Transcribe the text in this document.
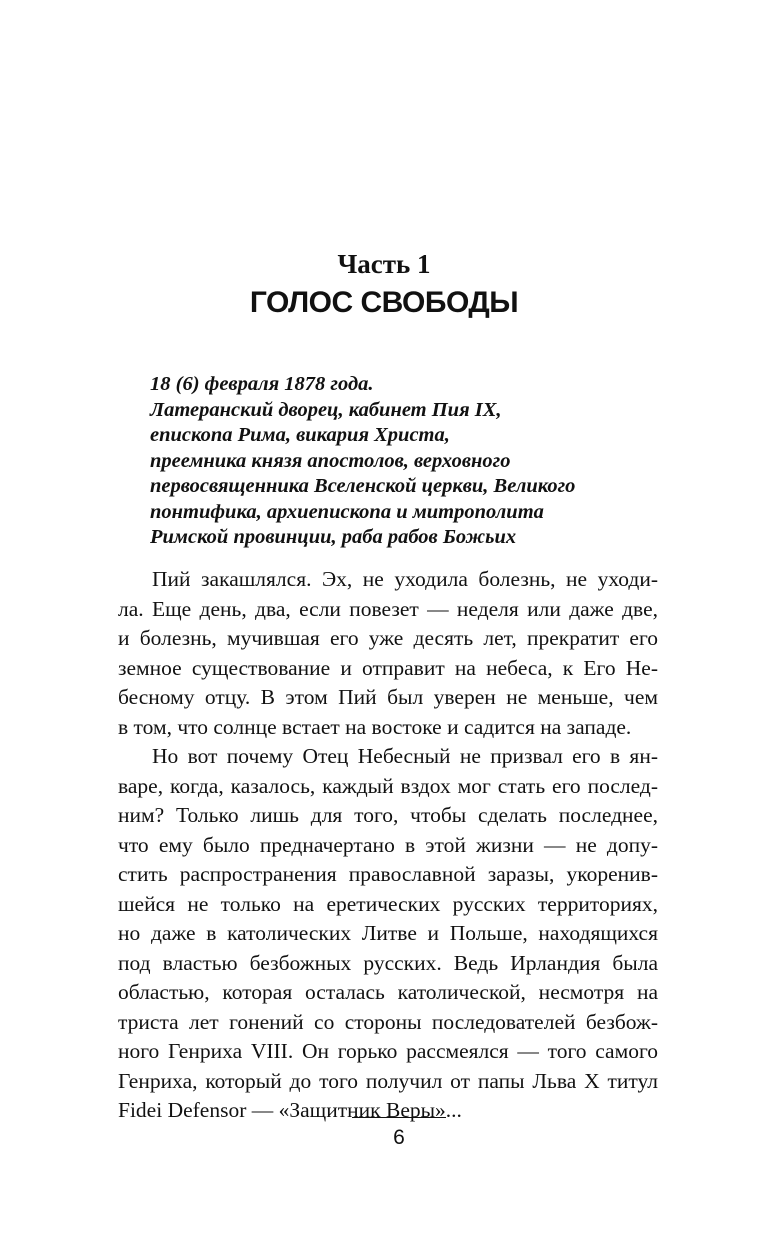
Часть 1
ГОЛОС СВОБОДЫ
18 (6) февраля 1878 года.
Латеранский дворец, кабинет Пия IX,
епископа Рима, викария Христа,
преемника князя апостолов, верховного
первосвященника Вселенской церкви, Великого
понтифика, архиепископа и митрополита
Римской провинции, раба рабов Божьих
Пий закашлялся. Эх, не уходила болезнь, не уходи-
ла. Еще день, два, если повезет — неделя или даже две,
и болезнь, мучившая его уже десять лет, прекратит его
земное существование и отправит на небеса, к Его Не-
бесному отцу. В этом Пий был уверен не меньше, чем
в том, что солнце встает на востоке и садится на западе.
Но вот почему Отец Небесный не призвал его в ян-
варе, когда, казалось, каждый вздох мог стать его послед-
ним? Только лишь для того, чтобы сделать последнее,
что ему было предначертано в этой жизни — не допу-
стить распространения православной заразы, укоренив-
шейся не только на еретических русских территориях,
но даже в католических Литве и Польше, находящихся
под властью безбожных русских. Ведь Ирландия была
областью, которая осталась католической, несмотря на
триста лет гонений со стороны последователей безбож-
ного Генриха VIII. Он горько рассмеялся — того самого
Генриха, который до того получил от папы Льва X титул
Fidei Defensor — «Защитник Веры»...
6
